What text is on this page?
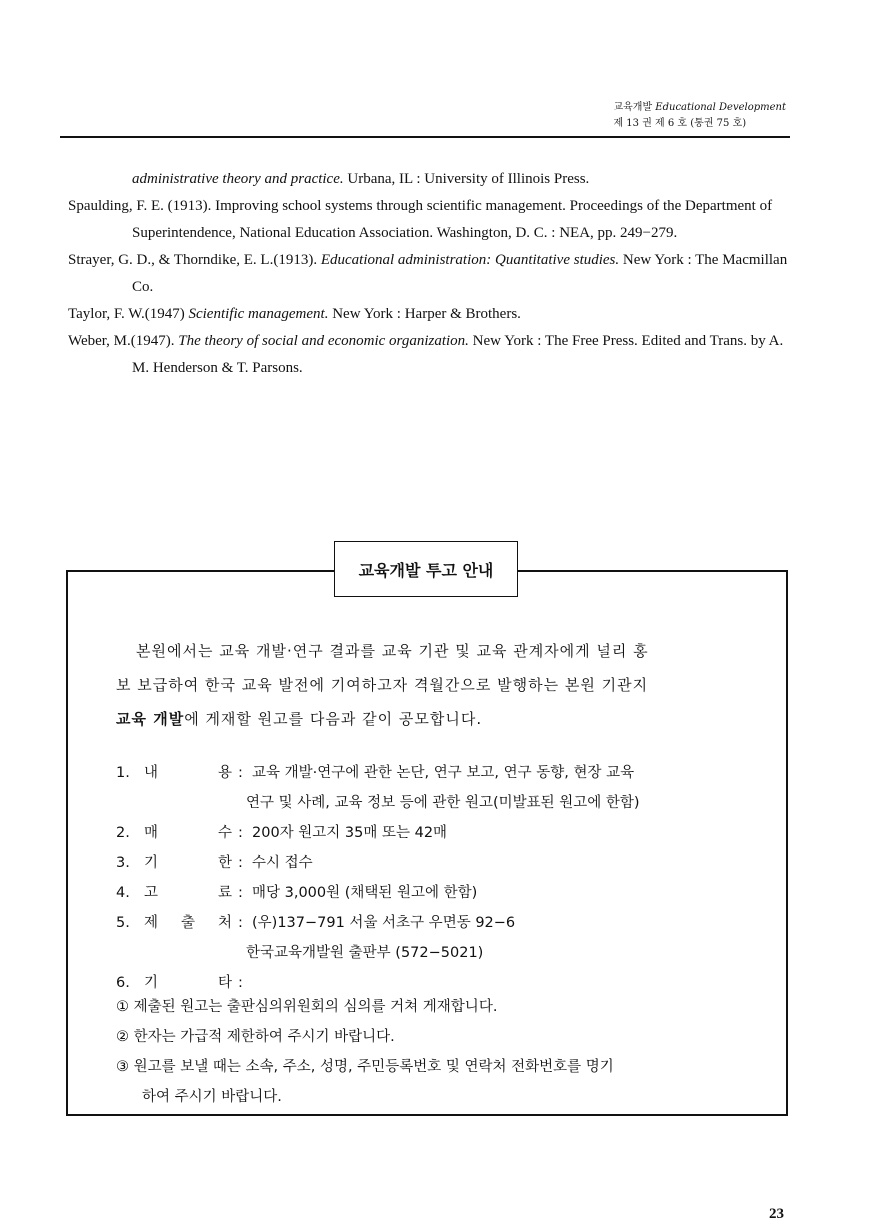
교육개발 Educational Development
제 13 권 제 6 호 (통권 75 호)

administrative theory and practice. Urbana, IL : University of Illinois Press.

Spaulding, F. E. (1913). Improving school systems through scientific management. Proceedings of the Department of Superintendence, National Education Association. Washington, D. C. : NEA, pp. 249−279.

Strayer, G. D., & Thorndike, E. L.(1913). Educational administration: Quantitative studies. New York : The Macmillan Co.

Taylor, F. W.(1947) Scientific management. New York : Harper & Brothers.

Weber, M.(1947). The theory of social and economic organization. New York : The Free Press. Edited and Trans. by A. M. Henderson & T. Parsons.

교육개발 투고 안내
본원에서는 교육 개발·연구 결과를 교육 기관 및 교육 관계자에게 널리 홍
보 보급하여 한국 교육 발전에 기여하고자 격월간으로 발행하는 본원 기관지
교육 개발에 게재할 원고를 다음과 같이 공모합니다.
1. 내	용 : 교육 개발·연구에 관한 논단, 연구 보고, 연구 동향, 현장 교육
연구 및 사례, 교육 정보 등에 관한 원고(미발표된 원고에 한함)
2. 매	수 : 200자 원고지 35매 또는 42매
3. 기	한 : 수시 접수
4. 고	료 : 매당 3,000원 (채택된 원고에 한함)
5. 제 출 처 : (우)137−791 서울 서초구 우면동 92−6
한국교육개발원 출판부 (572−5021)
6. 기	타 :
① 제출된 원고는 출판심의위원회의 심의를 거쳐 게재합니다.
② 한자는 가급적 제한하여 주시기 바랍니다.
③ 원고를 보낼 때는 소속, 주소, 성명, 주민등록번호 및 연락처 전화번호를 명기
하여 주시기 바랍니다.
23
